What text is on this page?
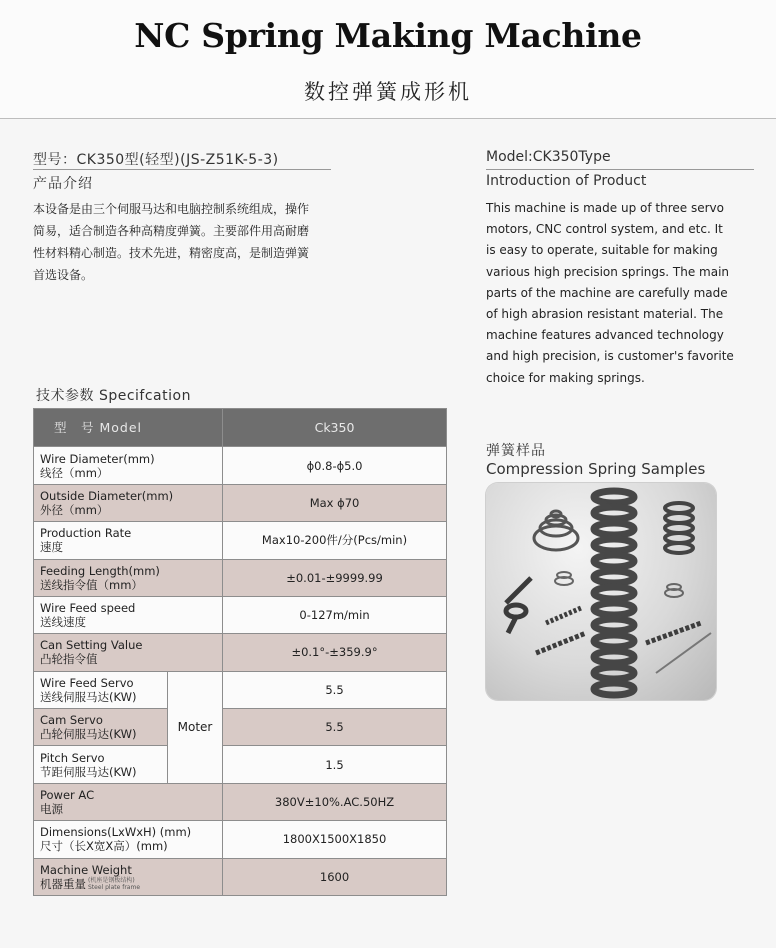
NC Spring Making Machine
数控弹簧成形机
型号：CK350型(轻型)(JS-Z51K-5-3)
产品介绍
本设备是由三个伺服马达和电脑控制系统组成，操作
简易，适合制造各种高精度弹簧。主要部件用高耐磨
性材料精心制造。技术先进，精密度高，是制造弹簧
首选设备。
Model:CK350Type
Introduction of Product
This machine is made up of three servo
motors, CNC control system, and etc. It
is easy to operate, suitable for making
various high precision springs. The main
parts of the machine are carefully made
of high abrasion resistant material. The
machine features advanced technology
and high precision, is customer's favorite
choice for making springs.
技术参数 Specifcation
型　号 Model		Ck350

Wire Diameter(mm)
线径（mm）		ϕ0.8-ϕ5.0

Outside Diameter(mm)
外径（mm）		Max ϕ70

Production Rate
速度		Max10-200件/分(Pcs/min)

Feeding Length(mm)
送线指令值（mm）		±0.01-±9999.99

Wire Feed speed
送线速度		0-127m/min

Can Setting Value
凸轮指令值		±0.1°-±359.9°

Wire Feed Servo
送线伺服马达(KW)	Moter	5.5

Cam Servo
凸轮伺服马达(KW)		5.5

Pitch Servo
节距伺服马达(KW)		1.5

Power AC
电源		380V±10%.AC.50HZ

Dimensions(LxWxH) (mm)
尺寸（长X宽X高）(mm)		1800X1500X1850

Machine Weight
机器重量 (机座是钢板结构)
Steel plate frame		1600
弹簧样品
Compression Spring Samples
